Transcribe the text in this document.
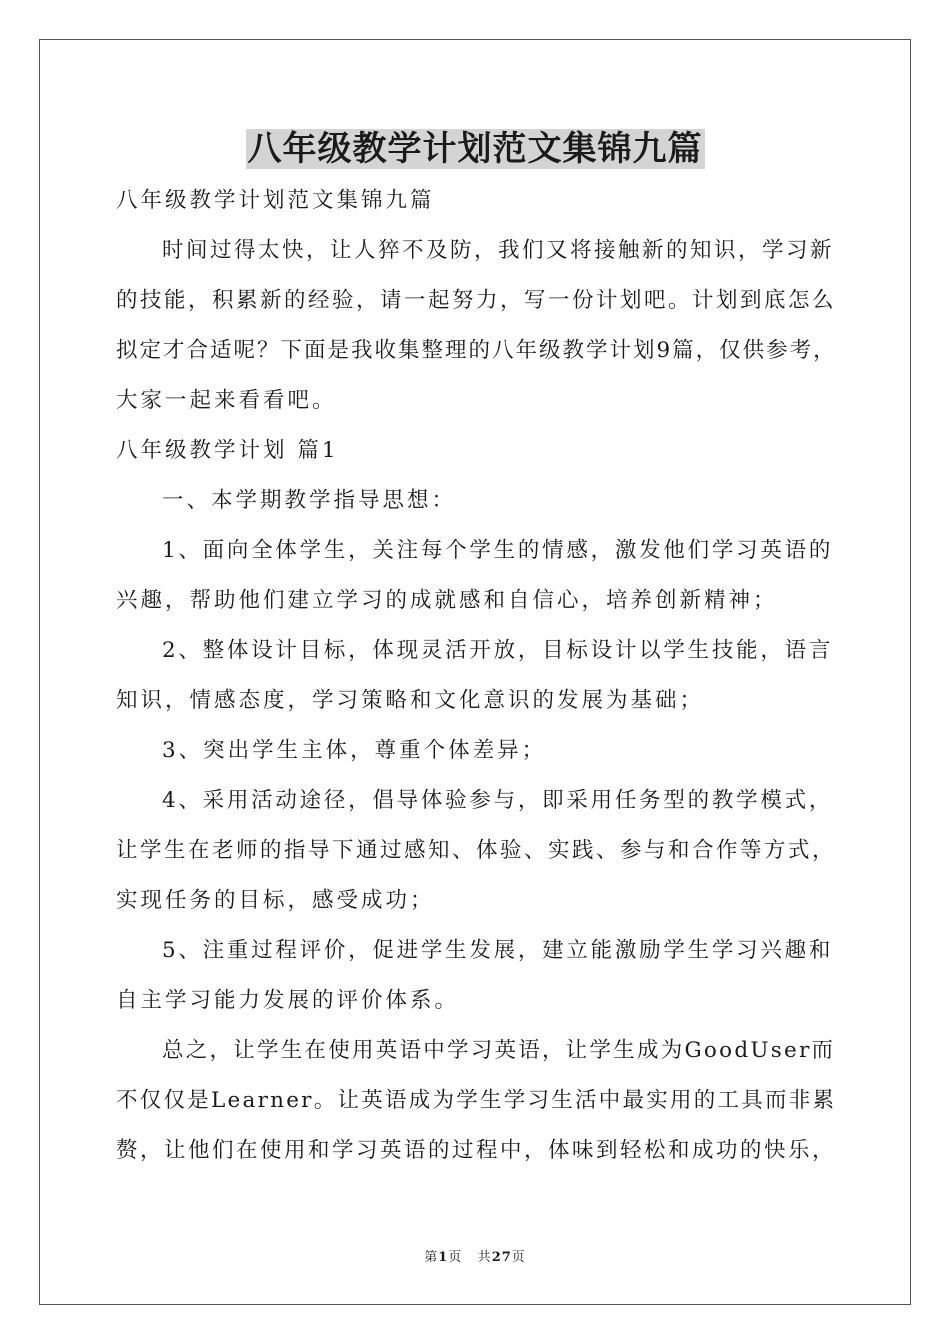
八年级教学计划范文集锦九篇
八年级教学计划范文集锦九篇
时间过得太快，让人猝不及防，我们又将接触新的知识，学习新
的技能，积累新的经验，请一起努力，写一份计划吧。计划到底怎么
拟定才合适呢？下面是我收集整理的八年级教学计划9篇，仅供参考，
大家一起来看看吧。
八年级教学计划 篇1
一、本学期教学指导思想：
1、面向全体学生，关注每个学生的情感，激发他们学习英语的
兴趣，帮助他们建立学习的成就感和自信心，培养创新精神；
2、整体设计目标，体现灵活开放，目标设计以学生技能，语言
知识，情感态度，学习策略和文化意识的发展为基础；
3、突出学生主体，尊重个体差异；
4、采用活动途径，倡导体验参与，即采用任务型的教学模式，
让学生在老师的指导下通过感知、体验、实践、参与和合作等方式，
实现任务的目标，感受成功；
5、注重过程评价，促进学生发展，建立能激励学生学习兴趣和
自主学习能力发展的评价体系。
总之，让学生在使用英语中学习英语，让学生成为GoodUser而
不仅仅是Learner。让英语成为学生学习生活中最实用的工具而非累
赘，让他们在使用和学习英语的过程中，体味到轻松和成功的快乐，
第1页 共27页
